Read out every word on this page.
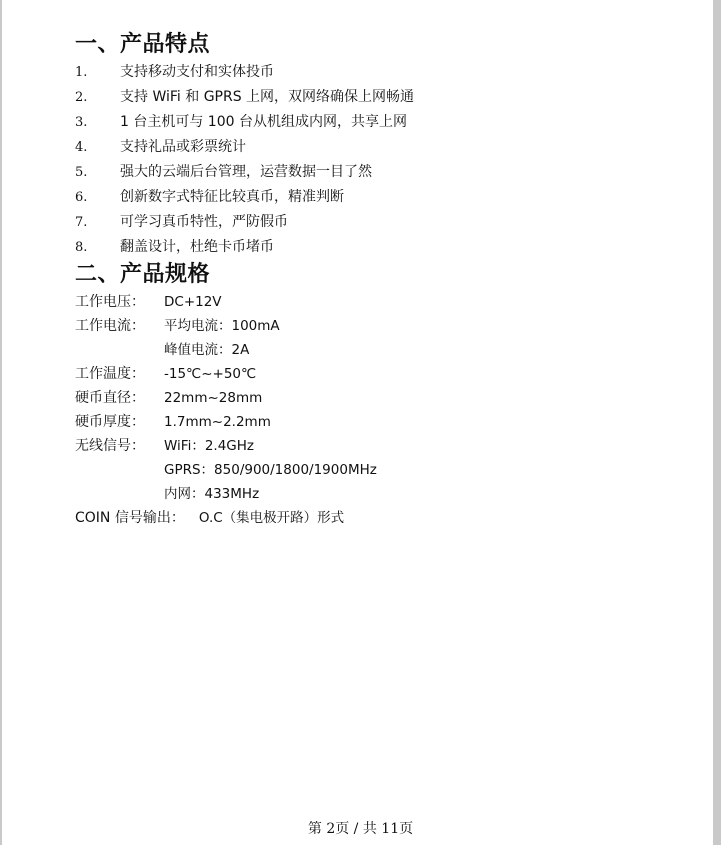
一、产品特点
1.	支持移动支付和实体投币
2.	支持 WiFi 和 GPRS 上网，双网络确保上网畅通
3.	1 台主机可与 100 台从机组成内网，共享上网
4.	支持礼品或彩票统计
5.	强大的云端后台管理，运营数据一目了然
6.	创新数字式特征比较真币，精准判断
7.	可学习真币特性，严防假币
8.	翻盖设计，杜绝卡币堵币
二、产品规格
工作电压：	DC+12V
工作电流：	平均电流：100mA
峰值电流：2A
工作温度：	-15℃~+50℃
硬币直径：	22mm~28mm
硬币厚度：	1.7mm~2.2mm
无线信号：	WiFi：2.4GHz
GPRS：850/900/1800/1900MHz
内网：433MHz
COIN 信号输出： O.C（集电极开路）形式
第 2页 / 共 11页
